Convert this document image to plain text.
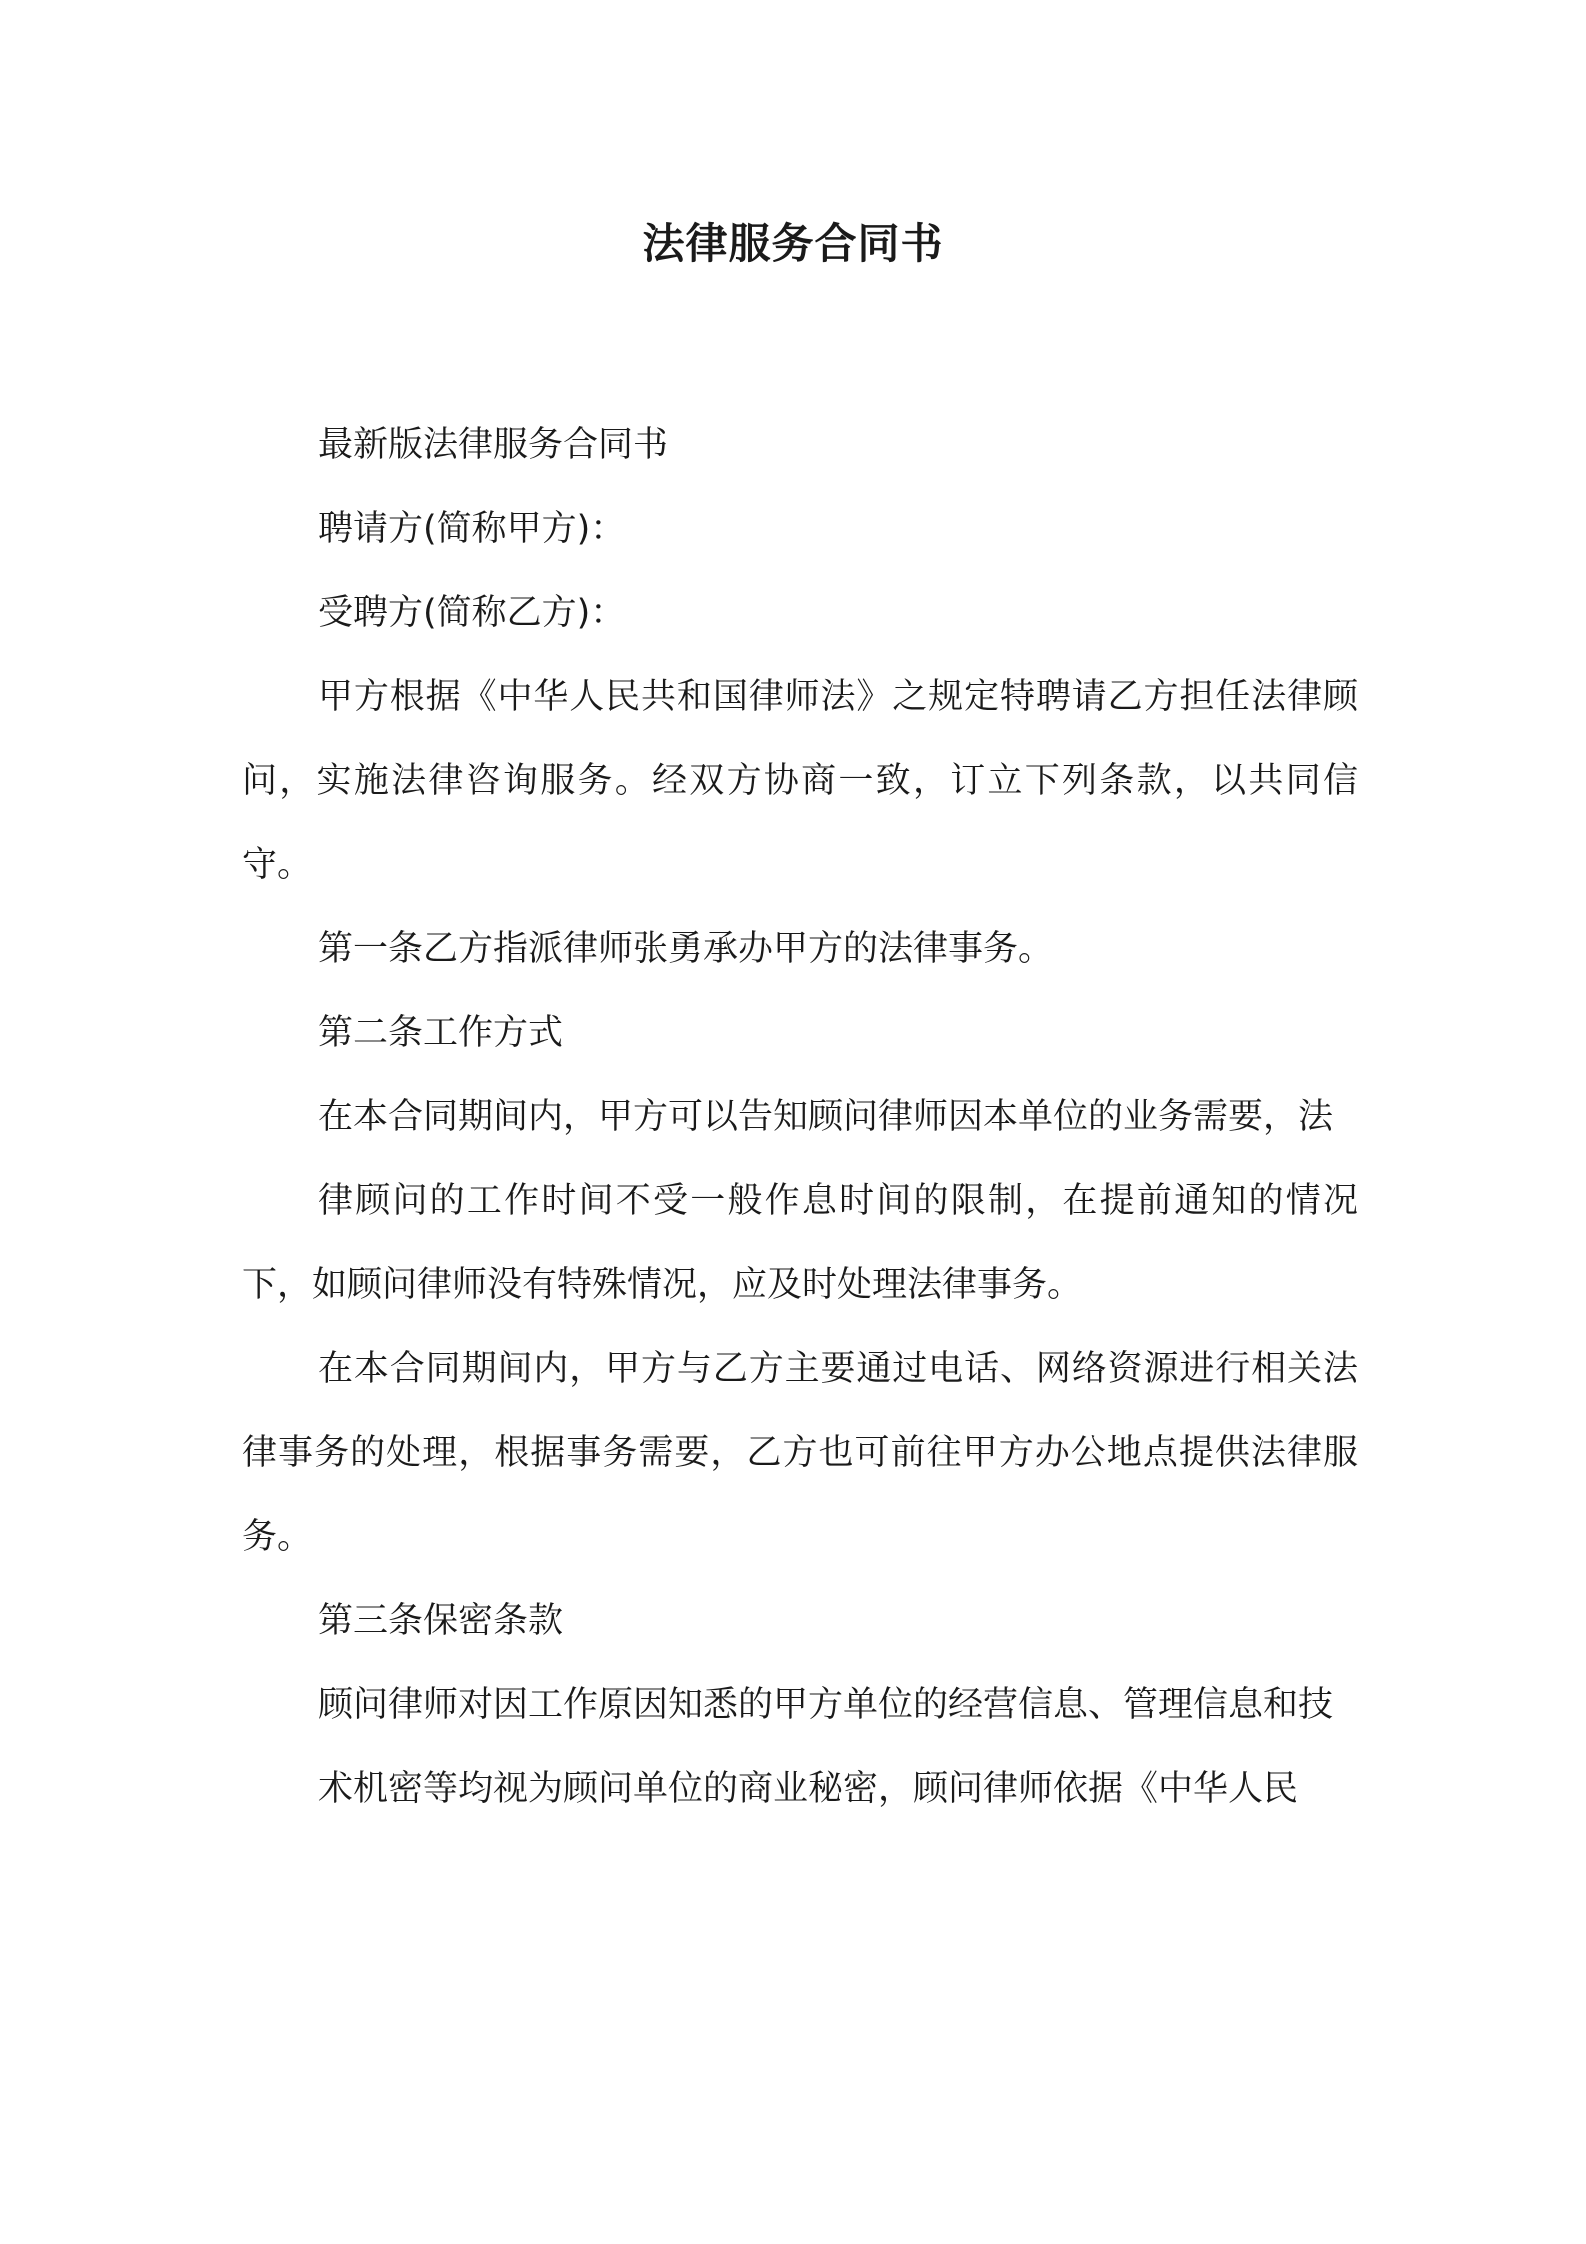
法律服务合同书

最新版法律服务合同书

聘请方(简称甲方)：

受聘方(简称乙方)：

甲方根据《中华人民共和国律师法》之规定特聘请乙方担任法律顾问，实施法律咨询服务。经双方协商一致，订立下列条款，以共同信守。

第一条乙方指派律师张勇承办甲方的法律事务。

第二条工作方式

在本合同期间内，甲方可以告知顾问律师因本单位的业务需要，法

律顾问的工作时间不受一般作息时间的限制，在提前通知的情况下，如顾问律师没有特殊情况，应及时处理法律事务。

在本合同期间内，甲方与乙方主要通过电话、网络资源进行相关法律事务的处理，根据事务需要，乙方也可前往甲方办公地点提供法律服务。

第三条保密条款

顾问律师对因工作原因知悉的甲方单位的经营信息、管理信息和技

术机密等均视为顾问单位的商业秘密，顾问律师依据《中华人民
